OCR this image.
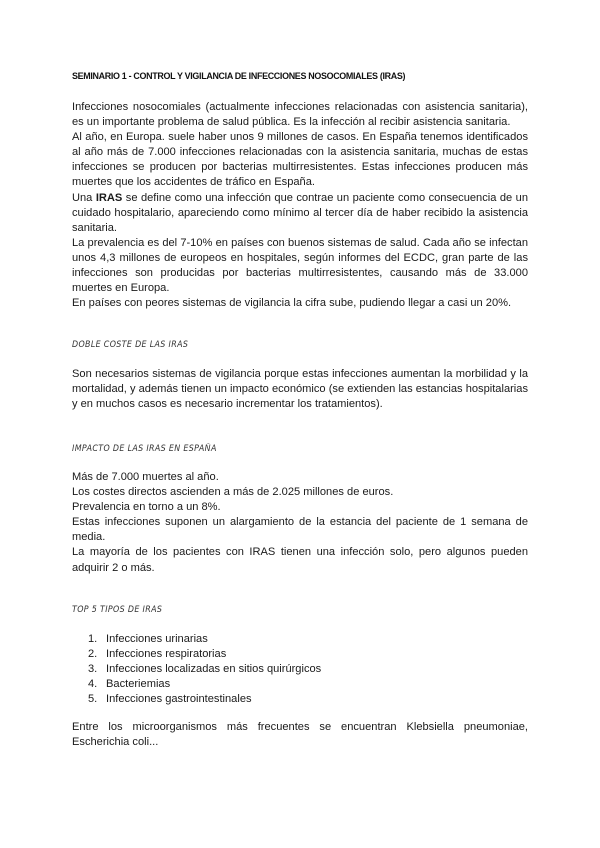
SEMINARIO 1 - CONTROL Y VIGILANCIA DE INFECCIONES NOSOCOMIALES (IRAS)

Infecciones nosocomiales (actualmente infecciones relacionadas con asistencia sanitaria), es un importante problema de salud pública. Es la infección al recibir asistencia sanitaria.

Al año, en Europa. suele haber unos 9 millones de casos. En España tenemos identificados al año más de 7.000 infecciones relacionadas con la asistencia sanitaria, muchas de estas infecciones se producen por bacterias multirresistentes. Estas infecciones producen más muertes que los accidentes de tráfico en España.

Una IRAS se define como una infección que contrae un paciente como consecuencia de un cuidado hospitalario, apareciendo como mínimo al tercer día de haber recibido la asistencia sanitaria.

La prevalencia es del 7-10% en países con buenos sistemas de salud. Cada año se infectan unos 4,3 millones de europeos en hospitales, según informes del ECDC, gran parte de las infecciones son producidas por bacterias multirresistentes, causando más de 33.000 muertes en Europa.

En países con peores sistemas de vigilancia la cifra sube, pudiendo llegar a casi un 20%.

DOBLE COSTE DE LAS IRAS

Son necesarios sistemas de vigilancia porque estas infecciones aumentan la morbilidad y la mortalidad, y además tienen un impacto económico (se extienden las estancias hospitalarias y en muchos casos es necesario incrementar los tratamientos).

IMPACTO DE LAS IRAS EN ESPAÑA

Más de 7.000 muertes al año.

Los costes directos ascienden a más de 2.025 millones de euros.

Prevalencia en torno a un 8%.

Estas infecciones suponen un alargamiento de la estancia del paciente de 1 semana de media.

La mayoría de los pacientes con IRAS tienen una infección solo, pero algunos pueden adquirir 2 o más.

TOP 5 TIPOS DE IRAS
1. Infecciones urinarias
2. Infecciones respiratorias
3. Infecciones localizadas en sitios quirúrgicos
4. Bacteriemias
5. Infecciones gastrointestinales

Entre los microorganismos más frecuentes se encuentran Klebsiella pneumoniae, Escherichia coli...
